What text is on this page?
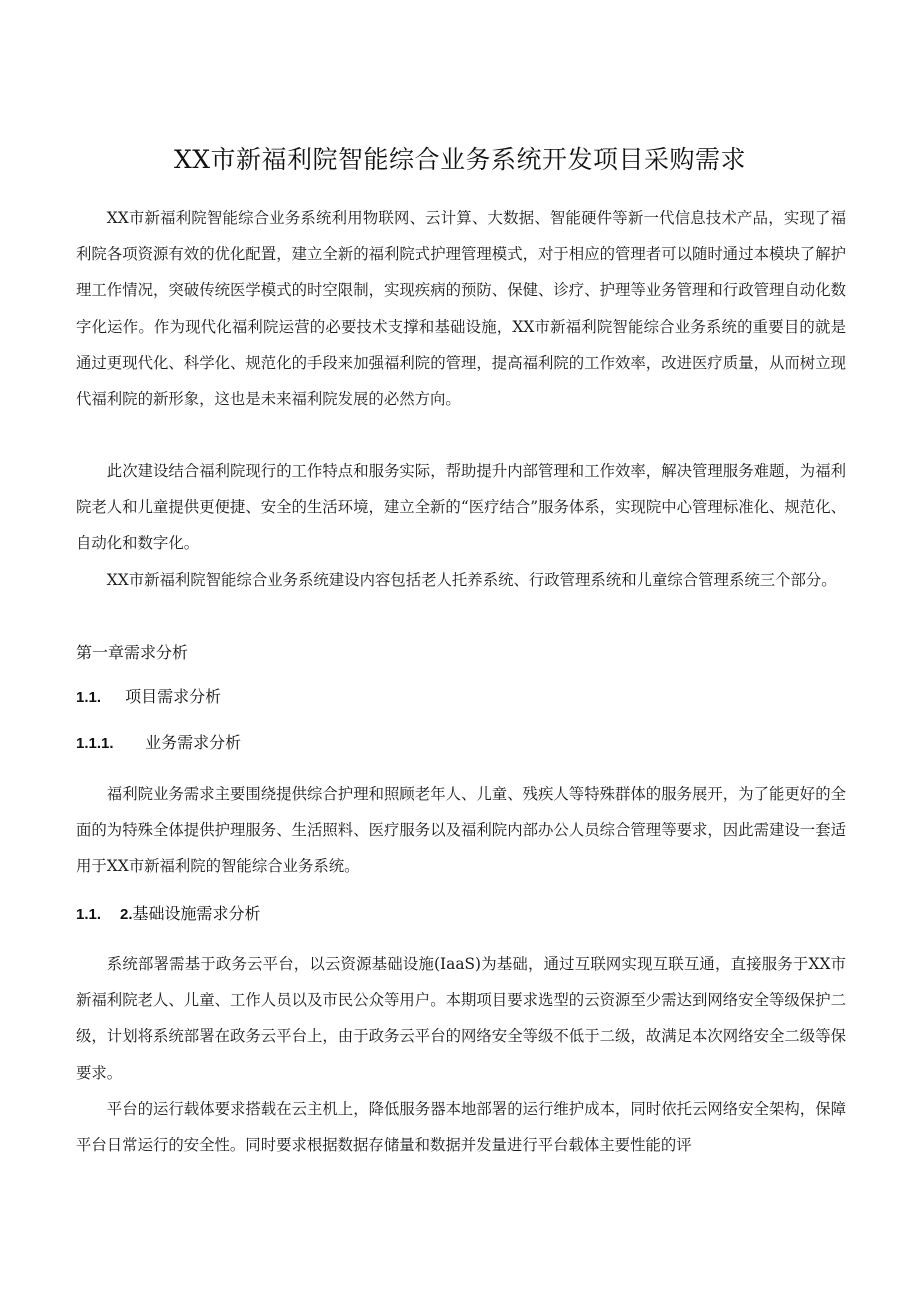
XX市新福利院智能综合业务系统开发项目采购需求

XX市新福利院智能综合业务系统利用物联网、云计算、大数据、智能硬件等新一代信息技术产品，实现了福利院各项资源有效的优化配置，建立全新的福利院式护理管理模式，对于相应的管理者可以随时通过本模块了解护理工作情况，突破传统医学模式的时空限制，实现疾病的预防、保健、诊疗、护理等业务管理和行政管理自动化数字化运作。作为现代化福利院运营的必要技术支撑和基础设施，XX市新福利院智能综合业务系统的重要目的就是通过更现代化、科学化、规范化的手段来加强福利院的管理，提高福利院的工作效率，改进医疗质量，从而树立现代福利院的新形象，这也是未来福利院发展的必然方向。

此次建设结合福利院现行的工作特点和服务实际，帮助提升内部管理和工作效率，解决管理服务难题，为福利院老人和儿童提供更便捷、安全的生活环境，建立全新的“医疗结合”服务体系，实现院中心管理标准化、规范化、自动化和数字化。

XX市新福利院智能综合业务系统建设内容包括老人托养系统、行政管理系统和儿童综合管理系统三个部分。

第一章需求分析
1.1. 项目需求分析
1.1.1. 业务需求分析

福利院业务需求主要围绕提供综合护理和照顾老年人、儿童、残疾人等特殊群体的服务展开，为了能更好的全面的为特殊全体提供护理服务、生活照料、医疗服务以及福利院内部办公人员综合管理等要求，因此需建设一套适用于XX市新福利院的智能综合业务系统。

1.1. 2.基础设施需求分析

系统部署需基于政务云平台，以云资源基础设施(IaaS)为基础，通过互联网实现互联互通，直接服务于XX市新福利院老人、儿童、工作人员以及市民公众等用户。本期项目要求选型的云资源至少需达到网络安全等级保护二级，计划将系统部署在政务云平台上，由于政务云平台的网络安全等级不低于二级，故满足本次网络安全二级等保要求。

平台的运行载体要求搭载在云主机上，降低服务器本地部署的运行维护成本，同时依托云网络安全架构，保障平台日常运行的安全性。同时要求根据数据存储量和数据并发量进行平台载体主要性能的评
